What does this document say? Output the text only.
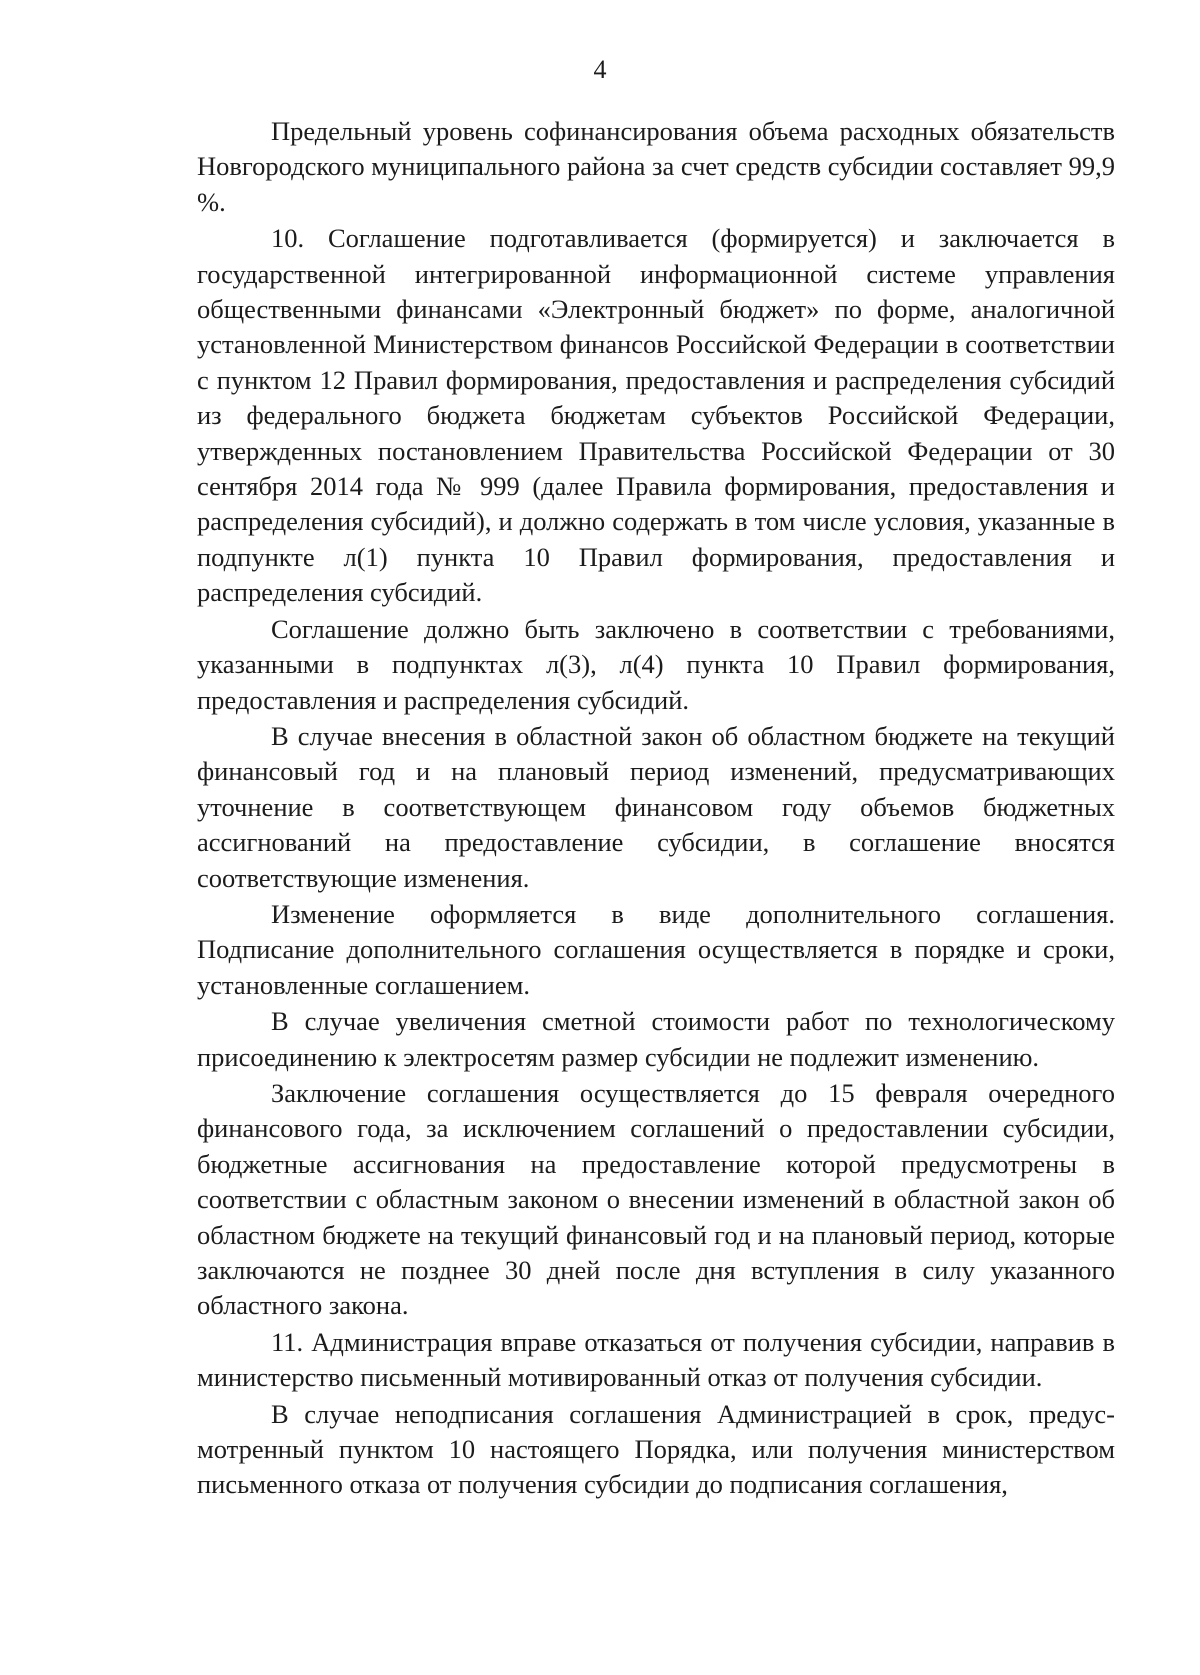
4

Предельный уровень софинансирования объема расходных обязательств Новгородского муниципального района за счет средств субсидии составляет 99,9 %.

10. Соглашение подготавливается (формируется) и заключается в государственной интегрированной информационной системе управления общественными финансами «Электронный бюджет» по форме, аналогичной установленной Министерством финансов Российской Федерации в соответствии с пунктом 12 Правил формирования, предоставления и распределения субсидий из федерального бюджета бюджетам субъектов Российской Федерации, утвержденных постановлением Правительства Российской Федерации от 30 сентября 2014 года № 999 (далее Правила формирования, предоставления и распределения субсидий), и должно содержать в том числе условия, указанные в подпункте л(1) пункта 10 Правил формирования, предоставления и распределения субсидий.

Соглашение должно быть заключено в соответствии с требованиями, указанными в подпунктах л(3), л(4) пункта 10 Правил формирования, предоставления и распределения субсидий.

В случае внесения в областной закон об областном бюджете на текущий финансовый год и на плановый период изменений, предусматривающих уточнение в соответствующем финансовом году объемов бюджетных ассигнований на предоставление субсидии, в соглашение вносятся соответствующие изменения.

Изменение оформляется в виде дополнительного соглашения. Подписание дополнительного соглашения осуществляется в порядке и сроки, установленные соглашением.

В случае увеличения сметной стоимости работ по технологическому присоединению к электросетям размер субсидии не подлежит изменению.

Заключение соглашения осуществляется до 15 февраля очередного финансового года, за исключением соглашений о предоставлении субсидии, бюджетные ассигнования на предоставление которой предусмотрены в соответствии с областным законом о внесении изменений в областной закон об областном бюджете на текущий финансовый год и на плановый период, которые заключаются не позднее 30 дней после дня вступления в силу указанного областного закона.

11. Администрация вправе отказаться от получения субсидии, направив в министерство письменный мотивированный отказ от получения субсидии.

В случае неподписания соглашения Администрацией в срок, предусмотренный пунктом 10 настоящего Порядка, или получения министерством письменного отказа от получения субсидии до подписания соглашения,
